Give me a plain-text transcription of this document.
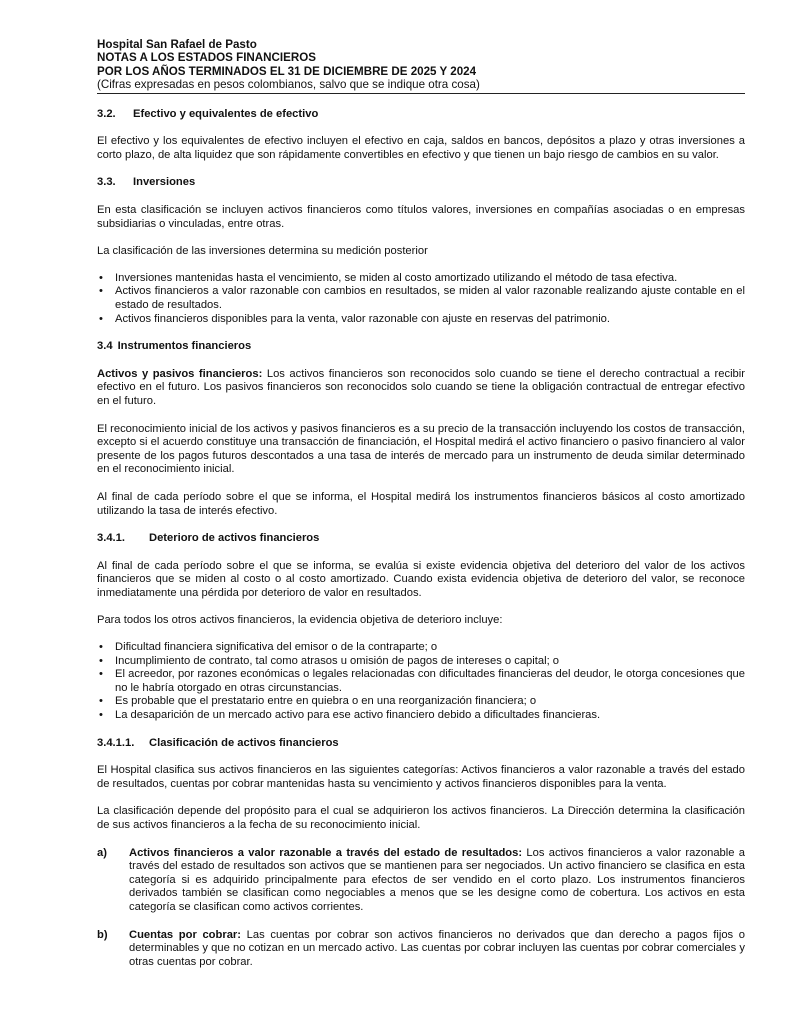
Hospital San Rafael de Pasto
NOTAS A LOS ESTADOS FINANCIEROS
POR LOS AÑOS TERMINADOS EL 31 DE DICIEMBRE DE 2025 Y 2024
(Cifras expresadas en pesos colombianos, salvo que se indique otra cosa)
3.2.	Efectivo y equivalentes de efectivo

El efectivo y los equivalentes de efectivo incluyen el efectivo en caja, saldos en bancos, depósitos a plazo y otras inversiones a corto plazo, de alta liquidez que son rápidamente convertibles en efectivo y que tienen un bajo riesgo de cambios en su valor.

3.3.	Inversiones

En esta clasificación se incluyen activos financieros como títulos valores, inversiones en compañías asociadas o en empresas subsidiarias o vinculadas, entre otras.

La clasificación de las inversiones determina su medición posterior

• Inversiones mantenidas hasta el vencimiento, se miden al costo amortizado utilizando el método de tasa efectiva.
• Activos financieros a valor razonable con cambios en resultados, se miden al valor razonable realizando ajuste contable en el estado de resultados.
• Activos financieros disponibles para la venta, valor razonable con ajuste en reservas del patrimonio.
3.4 Instrumentos financieros

Activos y pasivos financieros: Los activos financieros son reconocidos solo cuando se tiene el derecho contractual a recibir efectivo en el futuro. Los pasivos financieros son reconocidos solo cuando se tiene la obligación contractual de entregar efectivo en el futuro.

El reconocimiento inicial de los activos y pasivos financieros es a su precio de la transacción incluyendo los costos de transacción, excepto si el acuerdo constituye una transacción de financiación, el Hospital medirá el activo financiero o pasivo financiero al valor presente de los pagos futuros descontados a una tasa de interés de mercado para un instrumento de deuda similar determinado en el reconocimiento inicial.

Al final de cada período sobre el que se informa, el Hospital medirá los instrumentos financieros básicos al costo amortizado utilizando la tasa de interés efectivo.

3.4.1.	Deterioro de activos financieros

Al final de cada período sobre el que se informa, se evalúa si existe evidencia objetiva del deterioro del valor de los activos financieros que se miden al costo o al costo amortizado. Cuando exista evidencia objetiva de deterioro del valor, se reconoce inmediatamente una pérdida por deterioro de valor en resultados.

Para todos los otros activos financieros, la evidencia objetiva de deterioro incluye:

• Dificultad financiera significativa del emisor o de la contraparte; o
• Incumplimiento de contrato, tal como atrasos u omisión de pagos de intereses o capital; o
• El acreedor, por razones económicas o legales relacionadas con dificultades financieras del deudor, le otorga concesiones que no le habría otorgado en otras circunstancias.
• Es probable que el prestatario entre en quiebra o en una reorganización financiera; o
• La desaparición de un mercado activo para ese activo financiero debido a dificultades financieras.
3.4.1.1.	Clasificación de activos financieros

El Hospital clasifica sus activos financieros en las siguientes categorías: Activos financieros a valor razonable a través del estado de resultados, cuentas por cobrar mantenidas hasta su vencimiento y activos financieros disponibles para la venta.

La clasificación depende del propósito para el cual se adquirieron los activos financieros. La Dirección determina la clasificación de sus activos financieros a la fecha de su reconocimiento inicial.

a)	Activos financieros a valor razonable a través del estado de resultados: Los activos financieros a valor razonable a través del estado de resultados son activos que se mantienen para ser negociados. Un activo financiero se clasifica en esta categoría si es adquirido principalmente para efectos de ser vendido en el corto plazo. Los instrumentos financieros derivados también se clasifican como negociables a menos que se les designe como de cobertura. Los activos en esta categoría se clasifican como activos corrientes.
b)	Cuentas por cobrar: Las cuentas por cobrar son activos financieros no derivados que dan derecho a pagos fijos o determinables y que no cotizan en un mercado activo. Las cuentas por cobrar incluyen las cuentas por cobrar comerciales y otras cuentas por cobrar.
